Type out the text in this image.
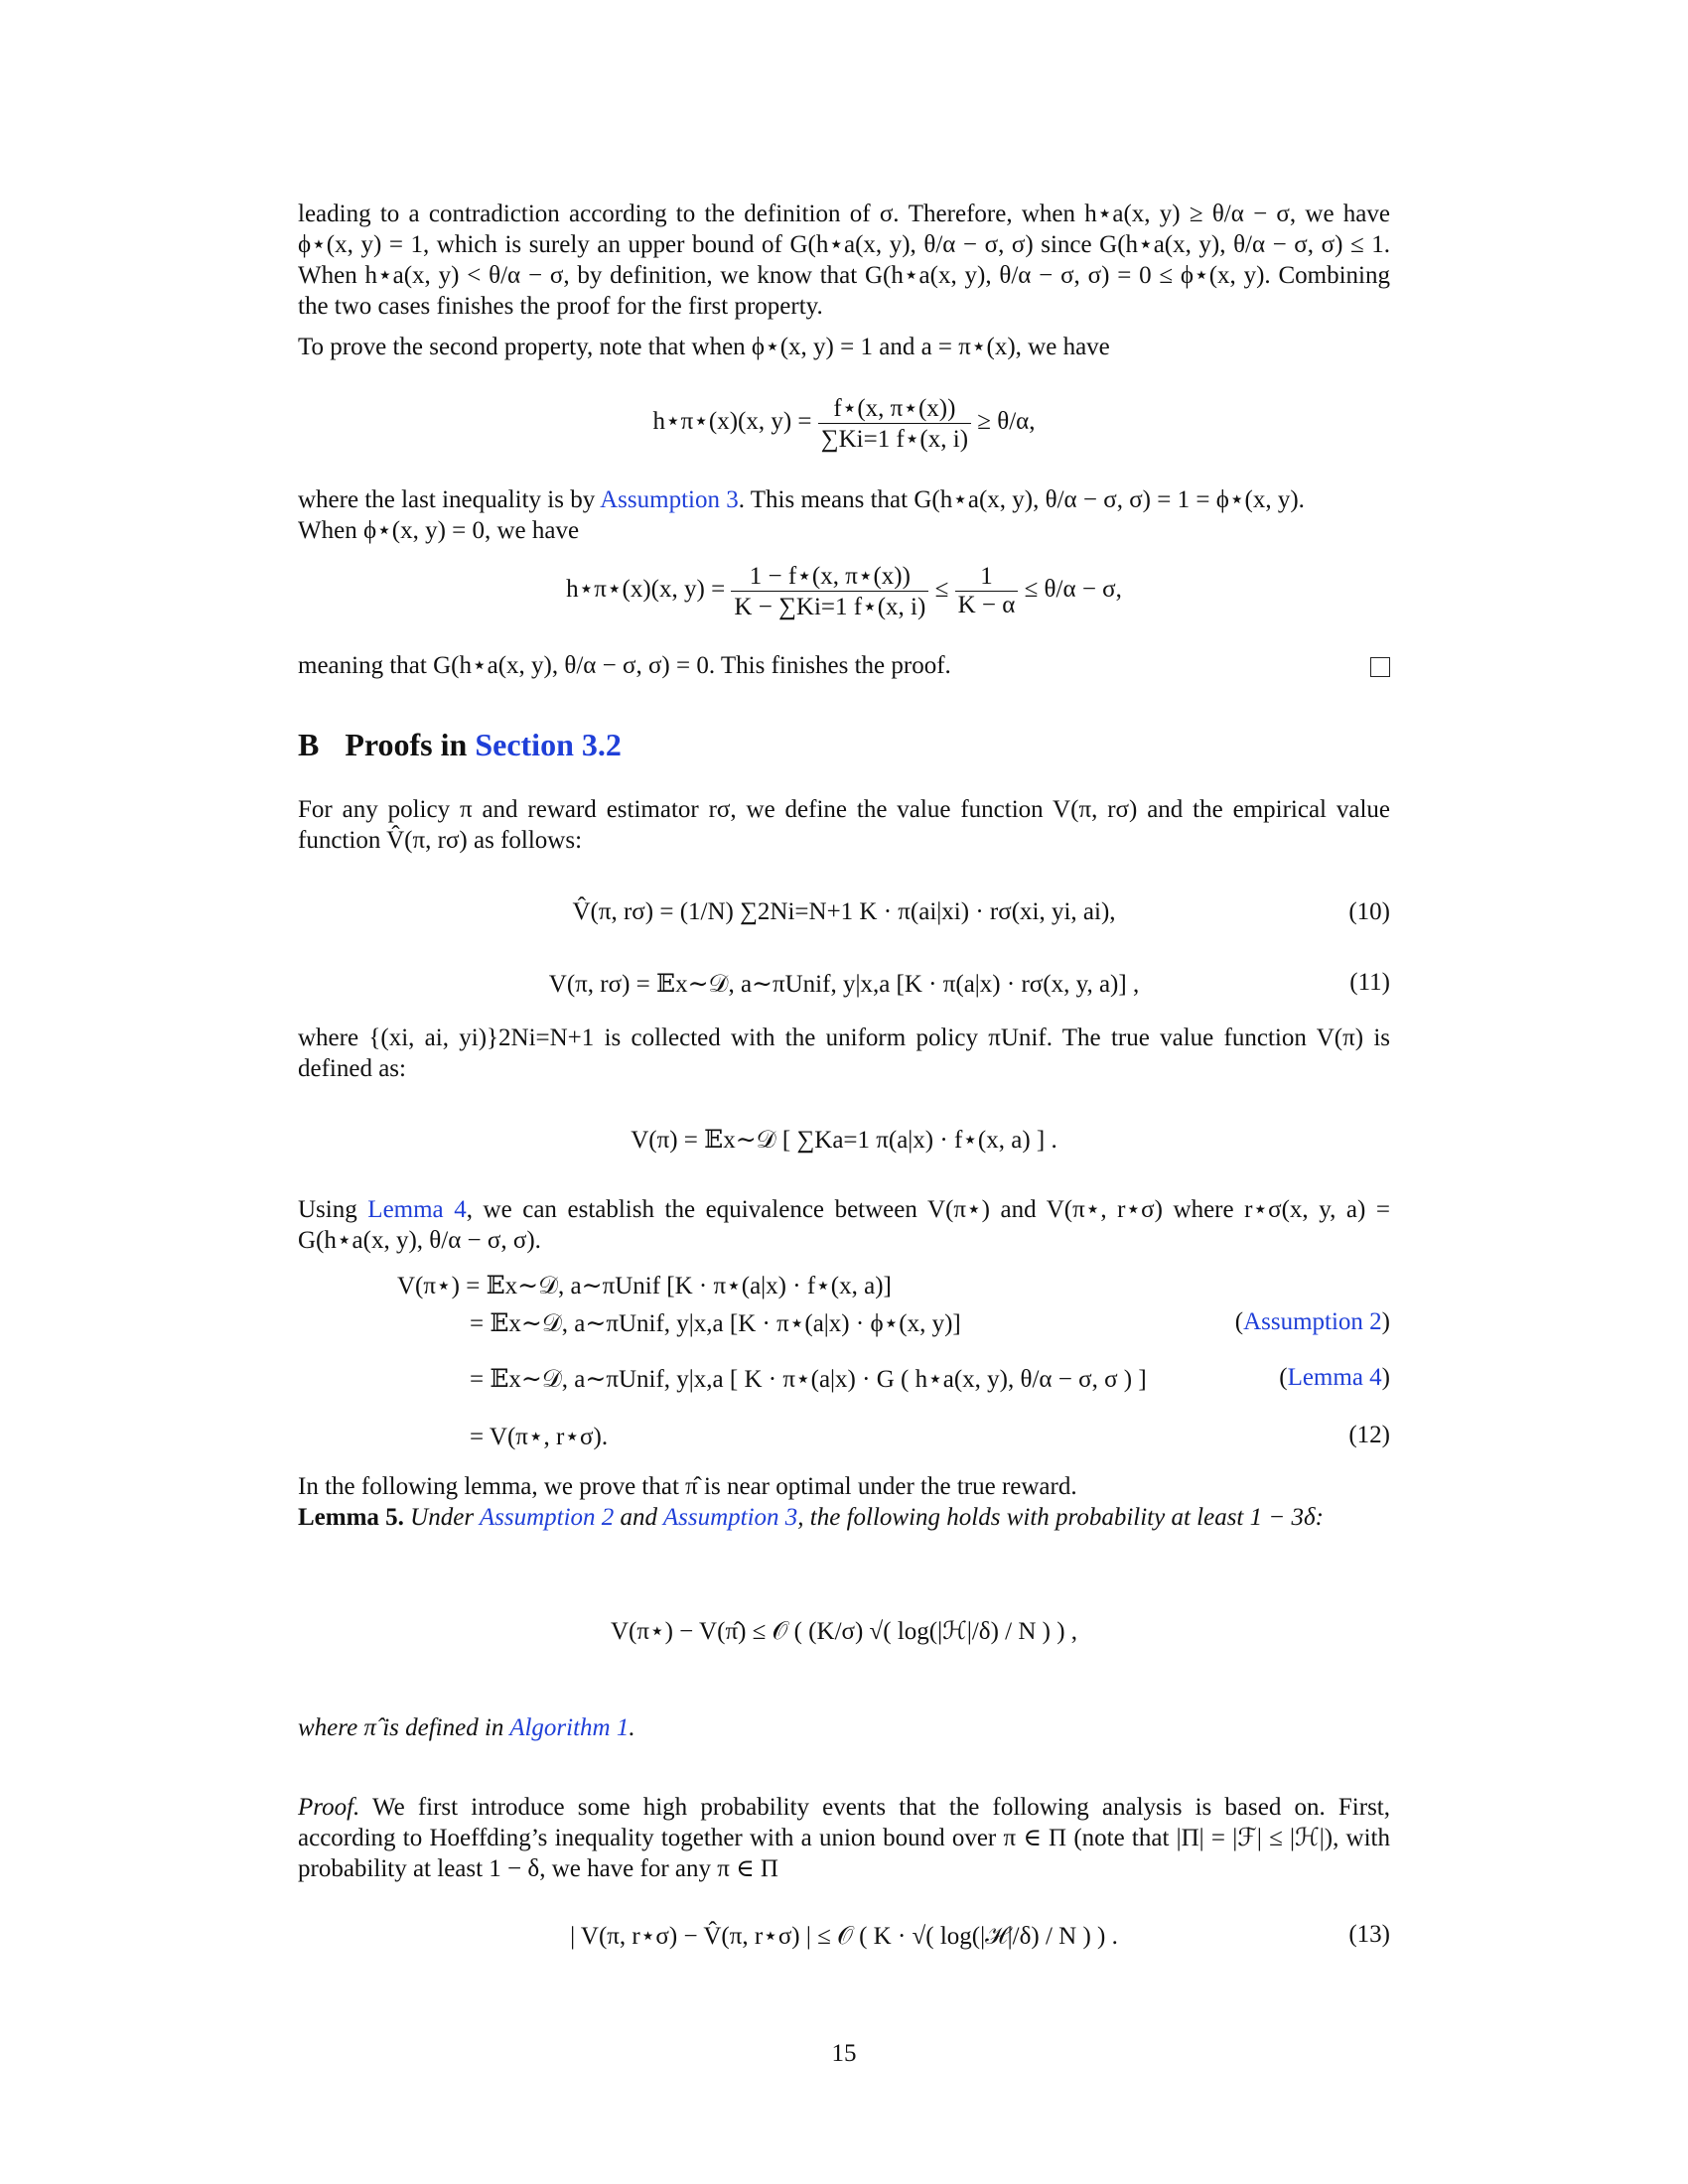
leading to a contradiction according to the definition of σ. Therefore, when h⋆a(x, y) ≥ θ/α − σ, we have ϕ⋆(x, y) = 1, which is surely an upper bound of G(h⋆a(x, y), θ/α − σ, σ) since G(h⋆a(x, y), θ/α − σ, σ) ≤ 1. When h⋆a(x, y) < θ/α − σ, by definition, we know that G(h⋆a(x, y), θ/α − σ, σ) = 0 ≤ ϕ⋆(x, y). Combining the two cases finishes the proof for the first property.

To prove the second property, note that when ϕ⋆(x, y) = 1 and a = π⋆(x), we have

h⋆π⋆(x)(x, $y) = \frac{f⋆(x, \pi⋆(x))}{\sum Ki=1 f⋆(x, i)} \ge \theta/\alpha$,

where the last inequality is by Assumption 3. This means that G(h⋆a(x, y), θ/α − σ, σ) = 1 = ϕ⋆(x, y).

When ϕ⋆(x, y) = 0, we have

h⋆π⋆(x)(x, $y) = \frac{1 - f⋆(x, \pi⋆(x))}{K - \sum Ki=1 f⋆(x, i)} \le \frac{1}{K - \alpha} \le \theta/\alpha - \sigma$,

meaning that G(h⋆a(x, y), θ/α − σ, σ) = 0. This finishes the proof.

B Proofs in Section 3.2

For any policy π and reward estimator rσ, we define the value function V(π, rσ) and the empirical value function V̂(π, rσ) as follows:

V̂(π, rσ) = (1/N) ∑2Ni=N+1 K · π(ai|xi) · rσ(xi, yi, ai),	(10)
V(π, rσ) = 𝔼x∼𝒟, a∼πUnif, y|x,a [K · π(a|x) · rσ(x, y, a)] ,	(11)

where {(xi, ai, yi)}2Ni=N+1 is collected with the uniform policy πUnif. The true value function V(π) is defined as:

V(π) = 𝔼x∼𝒟 [ ∑Ka=1 π(a|x) · f⋆(x, a) ] .

Using Lemma 4, we can establish the equivalence between V(π⋆) and V(π⋆, r⋆σ) where r⋆σ(x, y, a) = G(h⋆a(x, y), θ/α − σ, σ).

V(π⋆) = 𝔼x∼𝒟, a∼πUnif [K · π⋆(a|x) · f⋆(x, a)]
= 𝔼x∼𝒟, a∼πUnif, y|x,a [K · π⋆(a|x) · ϕ⋆(x, y)]
= 𝔼x∼𝒟, a∼πUnif, y|x,a [ K · π⋆(a|x) · G ( h⋆a(x, y), θ/α − σ, σ ) ]
= V(π⋆, r⋆σ).
(Assumption 2)
(Lemma 4)
(12)

In the following lemma, we prove that π̂ is near optimal under the true reward.

Lemma 5. Under Assumption 2 and Assumption 3, the following holds with probability at least 1 − 3δ:

V(π⋆) − V(π̂) ≤ 𝒪 ( (K/σ) √( log(|ℋ|/δ) / N ) ) ,

where π̂ is defined in Algorithm 1.

Proof. We first introduce some high probability events that the following analysis is based on. First, according to Hoeffding’s inequality together with a union bound over π ∈ Π (note that |Π| = |ℱ| ≤ |ℋ|), with probability at least 1 − δ, we have for any π ∈ Π

| V(π, r⋆σ) − V̂(π, r⋆σ) | ≤ 𝒪 ( K · √( log(|ℋ|/δ) / N ) ) .	(13)
15
